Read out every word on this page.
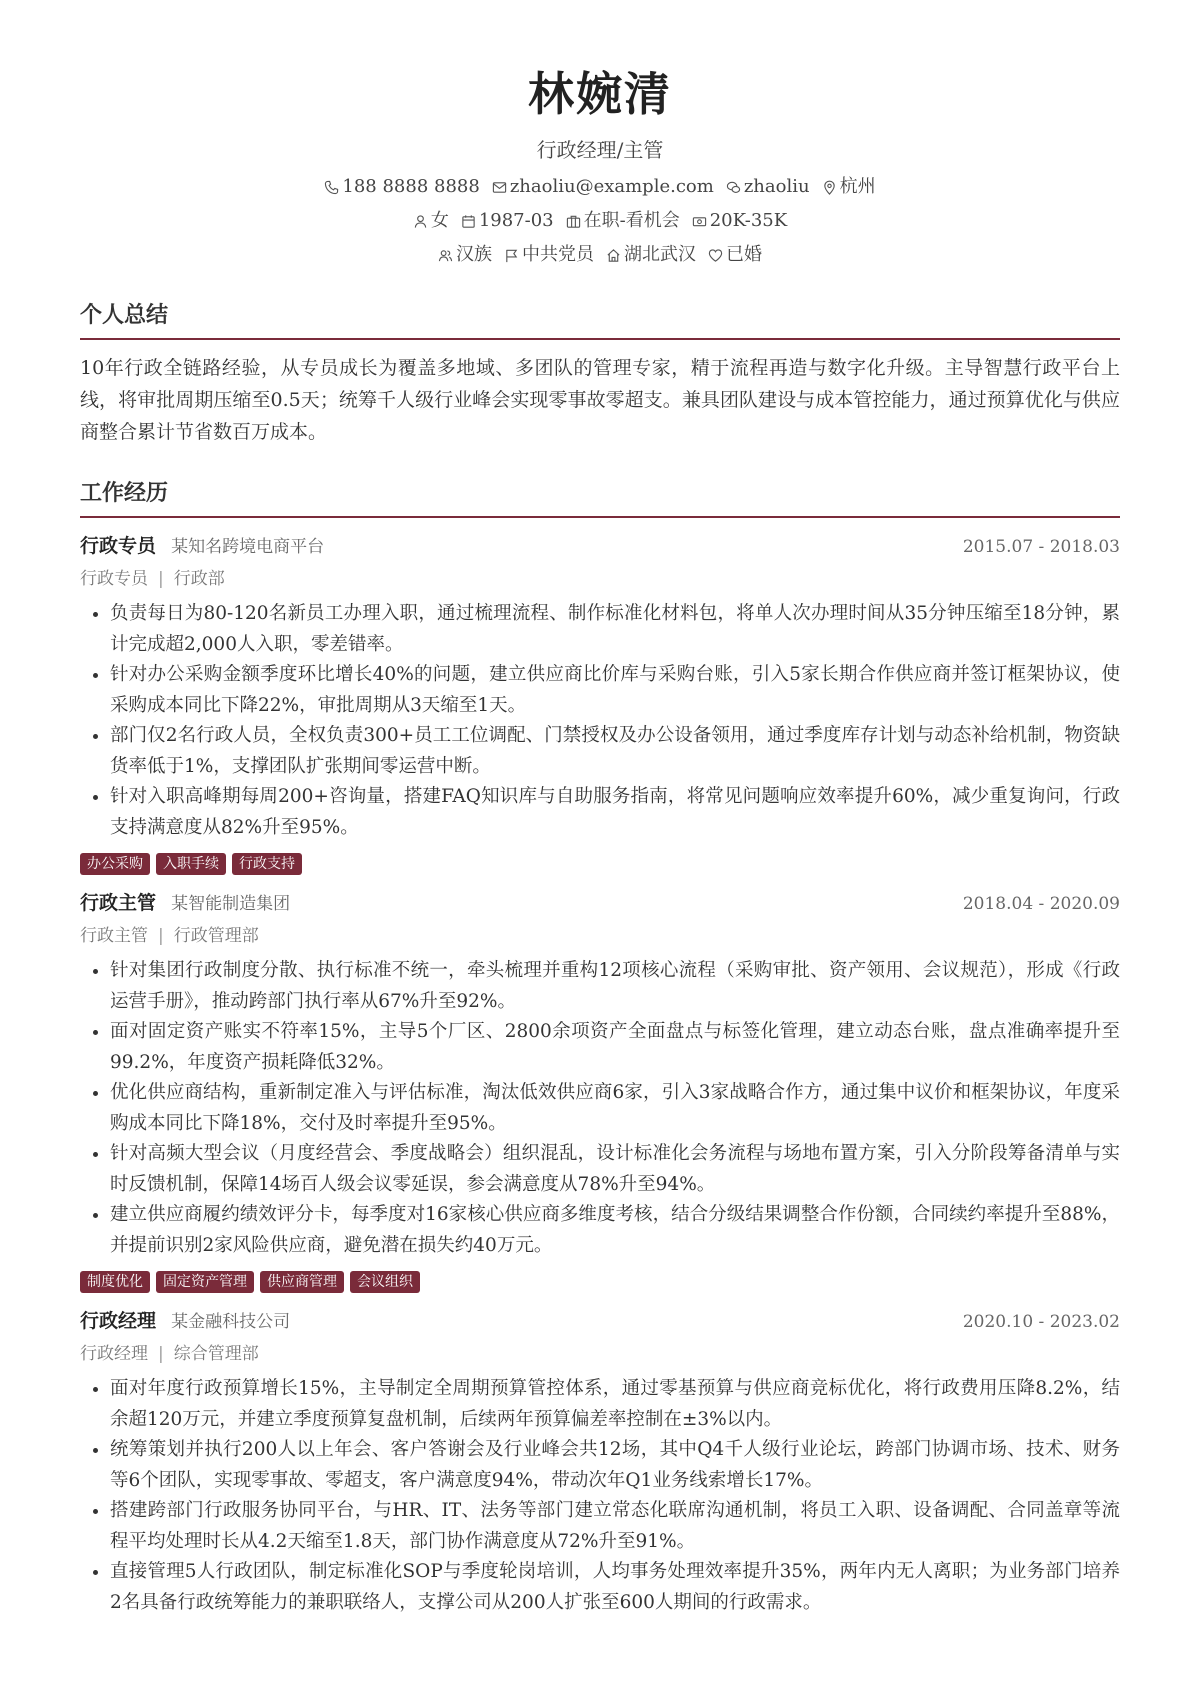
林婉清
行政经理/主管
188 8888 8888 zhaoliu@example.com zhaoliu 杭州
女 1987-03 在职-看机会 20K-35K
汉族 中共党员 湖北武汉 已婚
个人总结
10年行政全链路经验，从专员成长为覆盖多地域、多团队的管理专家，精于流程再造与数字化升级。主导智慧行政平台上线，将审批周期压缩至0.5天；统筹千人级行业峰会实现零事故零超支。兼具团队建设与成本管控能力，通过预算优化与供应商整合累计节省数百万成本。
工作经历
行政专员 某知名跨境电商平台	2015.07 - 2018.03
行政专员 | 行政部
• 负责每日为80-120名新员工办理入职，通过梳理流程、制作标准化材料包，将单人次办理时间从35分钟压缩至18分钟，累计完成超2,000人入职，零差错率。
• 针对办公采购金额季度环比增长40%的问题，建立供应商比价库与采购台账，引入5家长期合作供应商并签订框架协议，使采购成本同比下降22%，审批周期从3天缩至1天。
• 部门仅2名行政人员，全权负责300+员工工位调配、门禁授权及办公设备领用，通过季度库存计划与动态补给机制，物资缺货率低于1%，支撑团队扩张期间零运营中断。
• 针对入职高峰期每周200+咨询量，搭建FAQ知识库与自助服务指南，将常见问题响应效率提升60%，减少重复询问，行政支持满意度从82%升至95%。
办公采购	入职手续	行政支持
行政主管 某智能制造集团	2018.04 - 2020.09
行政主管 | 行政管理部
• 针对集团行政制度分散、执行标准不统一，牵头梳理并重构12项核心流程（采购审批、资产领用、会议规范），形成《行政运营手册》，推动跨部门执行率从67%升至92%。
• 面对固定资产账实不符率15%，主导5个厂区、2800余项资产全面盘点与标签化管理，建立动态台账，盘点准确率提升至99.2%，年度资产损耗降低32%。
• 优化供应商结构，重新制定准入与评估标准，淘汰低效供应商6家，引入3家战略合作方，通过集中议价和框架协议，年度采购成本同比下降18%，交付及时率提升至95%。
• 针对高频大型会议（月度经营会、季度战略会）组织混乱，设计标准化会务流程与场地布置方案，引入分阶段筹备清单与实时反馈机制，保障14场百人级会议零延误，参会满意度从78%升至94%。
• 建立供应商履约绩效评分卡，每季度对16家核心供应商多维度考核，结合分级结果调整合作份额，合同续约率提升至88%，并提前识别2家风险供应商，避免潜在损失约40万元。
制度优化	固定资产管理	供应商管理	会议组织
行政经理 某金融科技公司	2020.10 - 2023.02
行政经理 | 综合管理部
• 面对年度行政预算增长15%，主导制定全周期预算管控体系，通过零基预算与供应商竞标优化，将行政费用压降8.2%，结余超120万元，并建立季度预算复盘机制，后续两年预算偏差率控制在±3%以内。
• 统筹策划并执行200人以上年会、客户答谢会及行业峰会共12场，其中Q4千人级行业论坛，跨部门协调市场、技术、财务等6个团队，实现零事故、零超支，客户满意度94%，带动次年Q1业务线索增长17%。
• 搭建跨部门行政服务协同平台，与HR、IT、法务等部门建立常态化联席沟通机制，将员工入职、设备调配、合同盖章等流程平均处理时长从4.2天缩至1.8天，部门协作满意度从72%升至91%。
• 直接管理5人行政团队，制定标准化SOP与季度轮岗培训，人均事务处理效率提升35%，两年内无人离职；为业务部门培养2名具备行政统筹能力的兼职联络人，支撑公司从200人扩张至600人期间的行政需求。
